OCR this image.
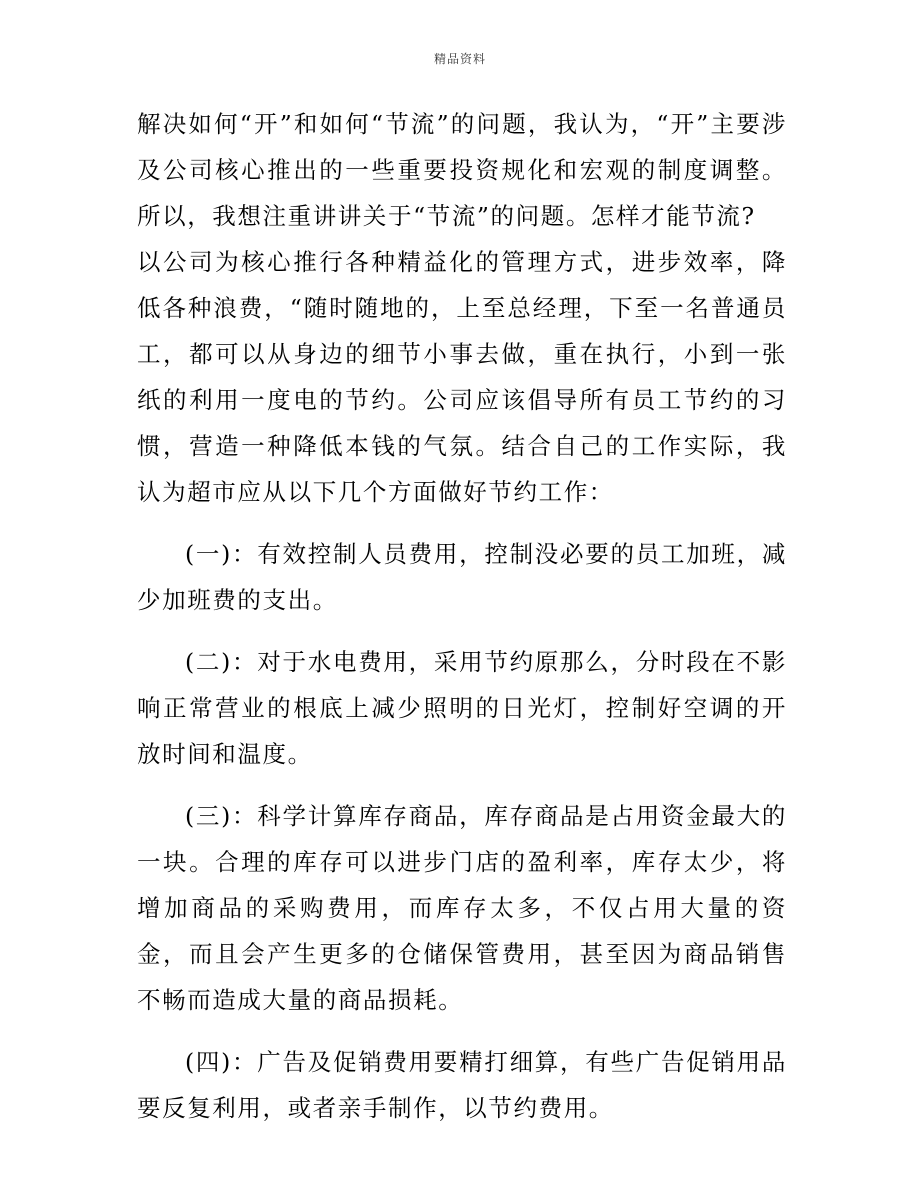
精品资料

解决如何“开”和如何“节流”的问题，我认为，“开”主要涉及公司核心推出的一些重要投资规化和宏观的制度调整。所以，我想注重讲讲关于“节流”的问题。怎样才能节流?

以公司为核心推行各种精益化的管理方式，进步效率，降低各种浪费，“随时随地的，上至总经理，下至一名普通员工，都可以从身边的细节小事去做，重在执行，小到一张纸的利用一度电的节约。公司应该倡导所有员工节约的习惯，营造一种降低本钱的气氛。结合自己的工作实际，我认为超市应从以下几个方面做好节约工作：

(一)：有效控制人员费用，控制没必要的员工加班，减少加班费的支出。

(二)：对于水电费用，采用节约原那么，分时段在不影响正常营业的根底上减少照明的日光灯，控制好空调的开放时间和温度。

(三)：科学计算库存商品，库存商品是占用资金最大的一块。合理的库存可以进步门店的盈利率，库存太少，将增加商品的采购费用，而库存太多，不仅占用大量的资金，而且会产生更多的仓储保管费用，甚至因为商品销售不畅而造成大量的商品损耗。

(四)：广告及促销费用要精打细算，有些广告促销用品要反复利用，或者亲手制作，以节约费用。
